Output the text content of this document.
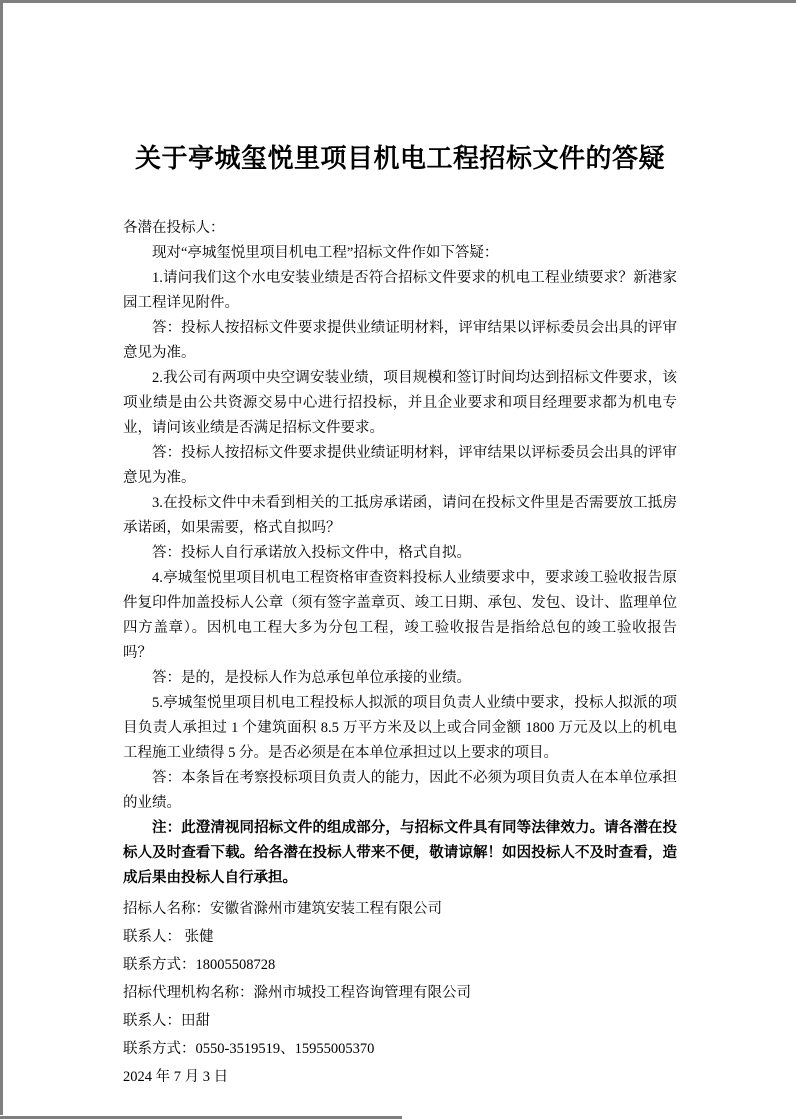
关于亭城玺悦里项目机电工程招标文件的答疑

各潜在投标人：

现对“亭城玺悦里项目机电工程”招标文件作如下答疑：

1.请问我们这个水电安装业绩是否符合招标文件要求的机电工程业绩要求？新港家园工程详见附件。

答：投标人按招标文件要求提供业绩证明材料，评审结果以评标委员会出具的评审意见为准。

2.我公司有两项中央空调安装业绩，项目规模和签订时间均达到招标文件要求，该项业绩是由公共资源交易中心进行招投标，并且企业要求和项目经理要求都为机电专业，请问该业绩是否满足招标文件要求。

答：投标人按招标文件要求提供业绩证明材料，评审结果以评标委员会出具的评审意见为准。

3.在投标文件中未看到相关的工抵房承诺函，请问在投标文件里是否需要放工抵房承诺函，如果需要，格式自拟吗？

答：投标人自行承诺放入投标文件中，格式自拟。

4.亭城玺悦里项目机电工程资格审查资料投标人业绩要求中，要求竣工验收报告原件复印件加盖投标人公章（须有签字盖章页、竣工日期、承包、发包、设计、监理单位四方盖章）。因机电工程大多为分包工程，竣工验收报告是指给总包的竣工验收报告吗？

答：是的，是投标人作为总承包单位承接的业绩。

5.亭城玺悦里项目机电工程投标人拟派的项目负责人业绩中要求，投标人拟派的项目负责人承担过 1 个建筑面积 8.5 万平方米及以上或合同金额 1800 万元及以上的机电工程施工业绩得 5 分。是否必须是在本单位承担过以上要求的项目。

答：本条旨在考察投标项目负责人的能力，因此不必须为项目负责人在本单位承担的业绩。

注：此澄清视同招标文件的组成部分，与招标文件具有同等法律效力。请各潜在投标人及时查看下载。给各潜在投标人带来不便，敬请谅解！如因投标人不及时查看，造成后果由投标人自行承担。

招标人名称：安徽省滁州市建筑安装工程有限公司

联系人： 张健

联系方式：18005508728

招标代理机构名称：滁州市城投工程咨询管理有限公司

联系人：田甜

联系方式：0550-3519519、15955005370

2024 年 7 月 3 日
